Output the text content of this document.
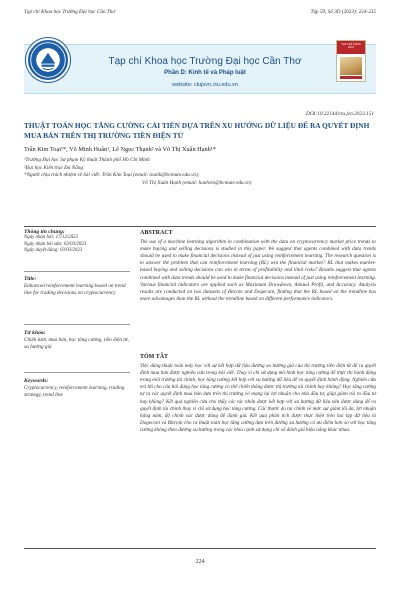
Tạp chí Khoa học Trường Đại học Cần Thơ	Tập 59, Số 3D (2023): 224-235
Tạp chí Khoa học Trường Đại học Cần Thơ
Phần D: Kinh tế và Pháp luật
website: ctujsvn.ctu.edu.vn
TẠP CHÍ KHOA HỌC
DOI:10.22144/ctu.jvn.2023.151
THUẬT TOÁN HỌC TĂNG CƯỜNG CẢI TIẾN DỰA TRÊN XU HƯỚNG DỮ LIỆU ĐỂ RA QUYẾT ĐỊNH MUA BÁN TRÊN THỊ TRƯỜNG TIỀN ĐIỆN TỬ
Trần Kim Toại¹*, Võ Minh Huân¹, Lê Ngọc Thạnh² và Võ Thị Xuân Hạnh¹*
¹Trường Đại học Sư phạm Kỹ thuật Thành phố Hồ Chí Minh
²Đại học Kiến trúc Đà Nẵng
*Người chịu trách nhiệm về bài viết: Trần Kim Toại (email: toaitk@hcmute.edu.vn);
Võ Thị Xuân Hạnh (email: hanhvtx@hcmute.edu.vn)
Thông tin chung:
Ngày nhận bài: 17/12/2022
Ngày nhận bài sửa: 03/03/2023
Ngày duyệt đăng: 03/03/2023
Title:
Enhanced reinforcement learning based on trend line for trading decisions on cryptocurrency
Từ khóa:
Chiến lược mua bán, học tăng cường, tiền điện tử, xu hướng giá
Keywords:
Cryptocurrency, reinforcement learning, trading strategy, trend line
ABSTRACT
The use of a machine learning algorithm in combination with the data on cryptocurrency market price trends to make buying and selling decisions is studied in this paper. We suggest that agents combined with data trends should be used to make financial decisions instead of just using reinforcement learning. The research question is to answer the problem that can reinforcement learning (RL) win the financial market? RL that makes market-based buying and selling decisions can win in terms of profitability and limit risks? Results suggest that agents combined with data trends should be used to make financial decisions instead of just using reinforcement learning. Various financial indicators are applied such as Maximum Drawdown, Annual Profit, and Accuracy. Analysis results are conducted on two datasets of Bitcoin and Dogecoin, finding that the RL based on the trendline has more advantages than the RL without the trendline based on different performance indicators.
TÓM TẮT
Việc dùng thuật toán máy học với sự kết hợp dữ liệu đường xu hướng giá của thị trường tiền điện tử để ra quyết định mua bán được nghiên cứu trong bài viết. Thay vì chỉ sử dụng mô hình học tăng cường để thực thi hành động trong môi trường tài chính, học tăng cường kết hợp với xu hướng dữ liệu để ra quyết định hành động. Nghiên cứu trả lời cho câu hỏi đúng học tăng cường có thể chiến thắng được thị trường tài chính hay không? Học tăng cường tự ra các quyết định mua bán dựa trên thị trường có mang lại lợi nhuận cho nhà đầu tư, giúp giảm rủi ro đầu tư hay không? Kết quả nghiên cứu cho thấy các tác nhân được kết hợp với xu hướng dữ liệu nên được dùng để ra quyết định tài chính thay vì chỉ sử dụng học tăng cường. Các thước đo tài chính về mức sụt giảm tối đa, lợi nhuận hằng năm, độ chính xác được dùng để đánh giá. Kết quả phân tích được thực hiện trên hai tập dữ liệu là Dogecoin và Bitcoin cho ra thuật toán học tăng cường dựa trên đường xu hướng có ưu điểm hơn so với học tăng cường không theo đường xu hướng trong các khía cạnh sử dụng chỉ số đánh giá hiệu năng khác nhau.
224
